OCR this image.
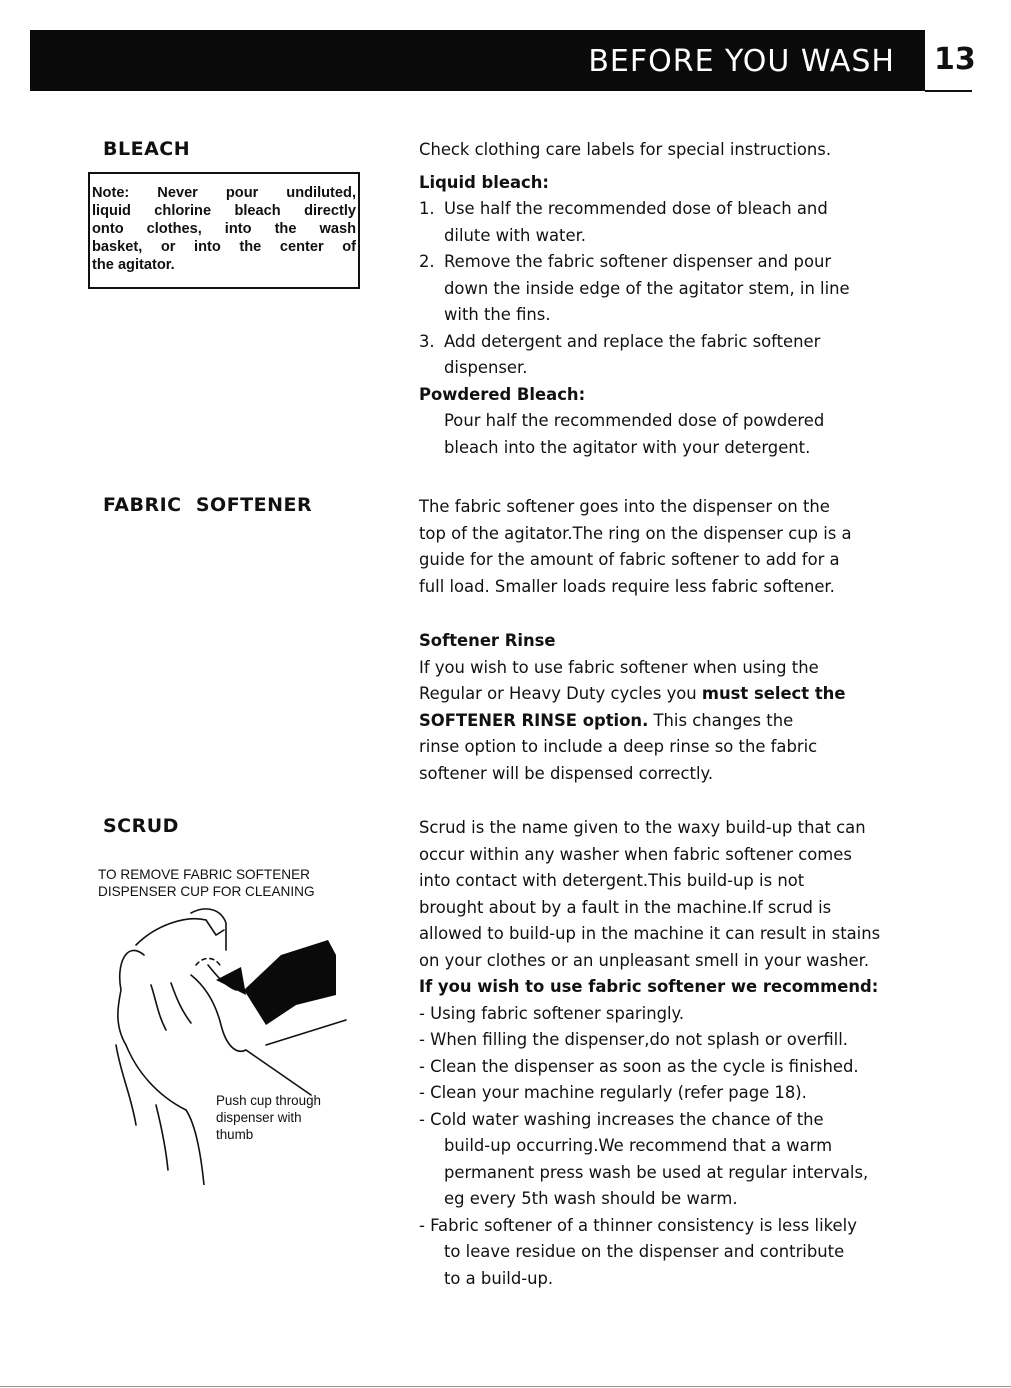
BEFORE YOU WASH 13
BLEACH
Note: Never pour undiluted,
liquid chlorine bleach directly
onto clothes, into the wash
basket, or into the center of
the agitator.
Check clothing care labels for special instructions.
Liquid bleach:
1. Use half the recommended dose of bleach and
dilute with water.
2. Remove the fabric softener dispenser and pour
down the inside edge of the agitator stem, in line
with the fins.
3. Add detergent and replace the fabric softener
dispenser.
Powdered Bleach:
Pour half the recommended dose of powdered
bleach into the agitator with your detergent.
FABRIC  SOFTENER	The fabric softener goes into the dispenser on the
top of the agitator.The ring on the dispenser cup is a
guide for the amount of fabric softener to add for a
full load. Smaller loads require less fabric softener.
Softener Rinse
If you wish to use fabric softener when using the
Regular or Heavy Duty cycles you must select the
SOFTENER RINSE option. This changes the
rinse option to include a deep rinse so the fabric
softener will be dispensed correctly.
SCRUD
TO REMOVE FABRIC SOFTENER
DISPENSER CUP FOR CLEANING
Push cup through
dispenser with
thumb
Scrud is the name given to the waxy build-up that can
occur within any washer when fabric softener comes
into contact with detergent.This build-up is not
brought about by a fault in the machine.If scrud is
allowed to build-up in the machine it can result in stains
on your clothes or an unpleasant smell in your washer.
If you wish to use fabric softener we recommend:
- Using fabric softener sparingly.
- When filling the dispenser,do not splash or overfill.
- Clean the dispenser as soon as the cycle is finished.
- Clean your machine regularly (refer page 18).
- Cold water washing increases the chance of the
build-up occurring.We recommend that a warm
permanent press wash be used at regular intervals,
eg every 5th wash should be warm.
- Fabric softener of a thinner consistency is less likely
to leave residue on the dispenser and contribute
to a build-up.
